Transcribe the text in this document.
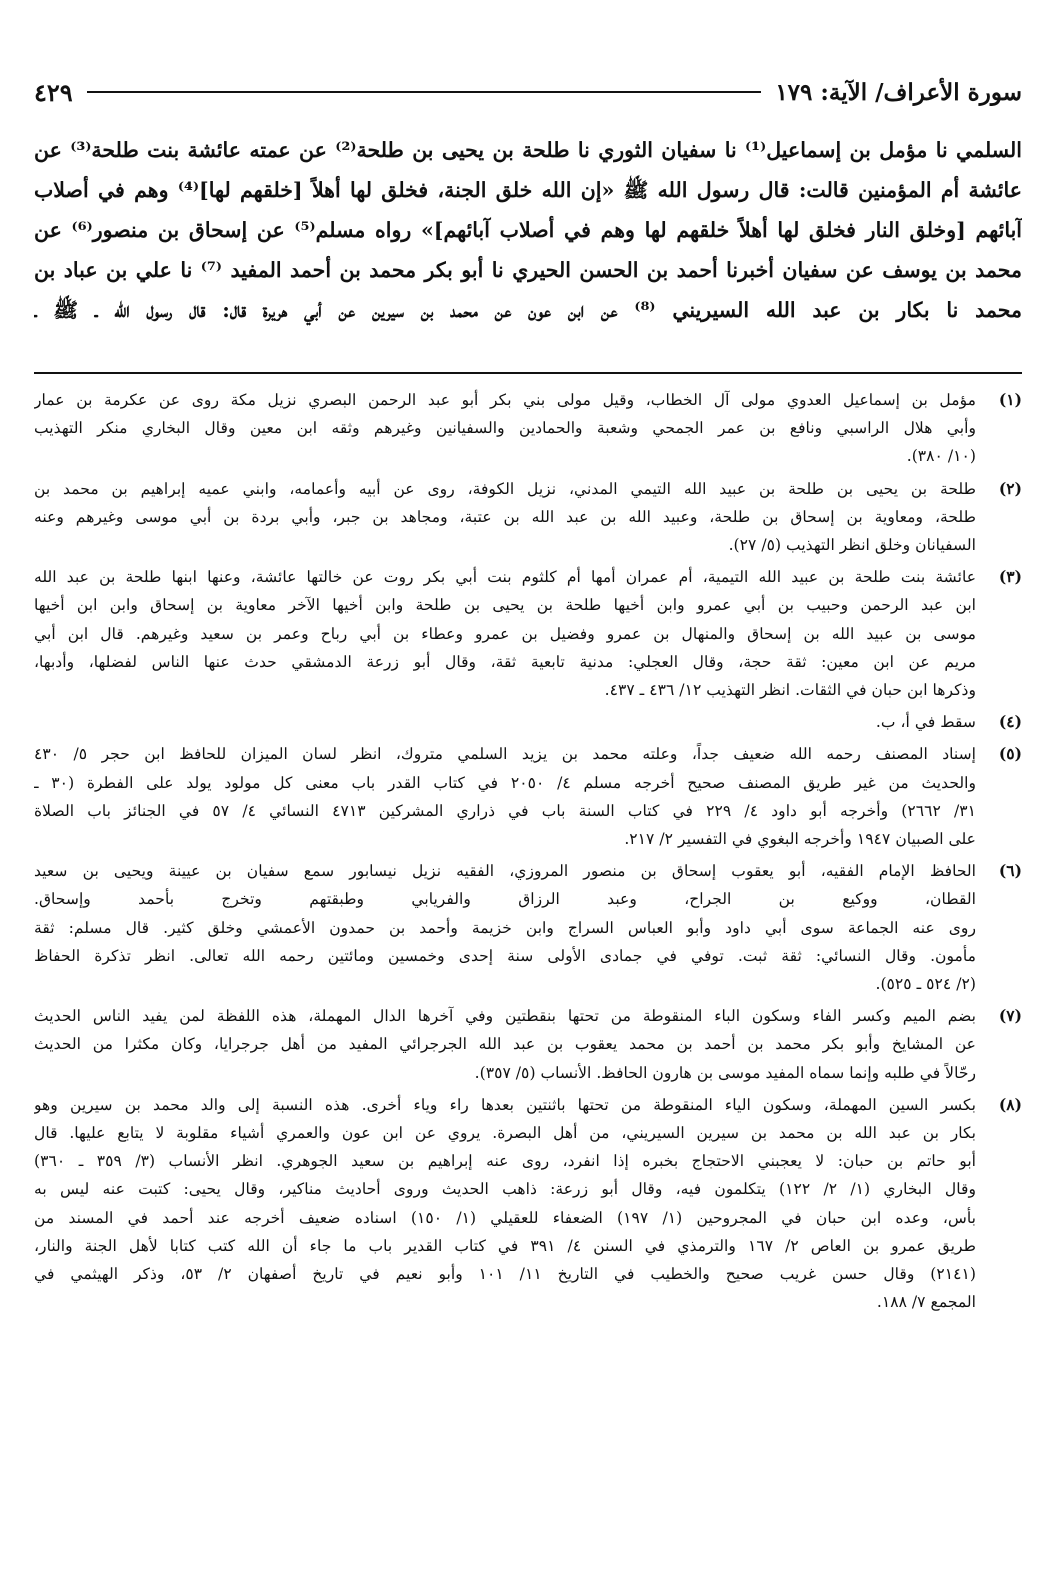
سورة الأعراف/ الآية: ١٧٩
٤٢٩
السلمي نا مؤمل بن إسماعيل⁽¹⁾ نا سفيان الثوري نا طلحة بن يحيى بن طلحة⁽²⁾ عن عمته عائشة بنت طلحة⁽³⁾ عن
عائشة أم المؤمنين قالت: قال رسول الله ﷺ «إن الله خلق الجنة، فخلق لها أهلاً [خلقهم لها]⁽⁴⁾ وهم في أصلاب
آبائهم [وخلق النار فخلق لها أهلاً خلقهم لها وهم في أصلاب آبائهم]» رواه مسلم⁽⁵⁾ عن إسحاق بن منصور⁽⁶⁾ عن
محمد بن يوسف عن سفيان أخبرنا أحمد بن الحسن الحيري نا أبو بكر محمد بن أحمد المفيد ⁽⁷⁾ نا علي بن عباد بن
محمد نا بكار بن عبد الله السيريني ⁽⁸⁾ عن ابن عون عن محمد بن سيرين عن أبي هريرة قال: قال رسول الله ـ ﷺ ـ
(١)
مؤمل بن إسماعيل العدوي مولى آل الخطاب، وقيل مولى بني بكر أبو عبد الرحمن البصري نزيل مكة روى عن عكرمة بن عمار
وأبي هلال الراسبي ونافع بن عمر الجمحي وشعبة والحمادين والسفيانين وغيرهم وثقه ابن معين وقال البخاري منكر التهذيب
(١٠/ ٣٨٠).
(٢)
طلحة بن يحيى بن طلحة بن عبيد الله التيمي المدني، نزيل الكوفة، روى عن أبيه وأعمامه، وابني عميه إبراهيم بن محمد بن
طلحة، ومعاوية بن إسحاق بن طلحة، وعبيد الله بن عبد الله بن عتبة، ومجاهد بن جبر، وأبي بردة بن أبي موسى وغيرهم وعنه
السفيانان وخلق انظر التهذيب (٥/ ٢٧).
(٣)
عائشة بنت طلحة بن عبيد الله التيمية، أم عمران أمها أم كلثوم بنت أبي بكر روت عن خالتها عائشة، وعنها ابنها طلحة بن عبد الله
ابن عبد الرحمن وحبيب بن أبي عمرو وابن أخيها طلحة بن يحيى بن طلحة وابن أخيها الآخر معاوية بن إسحاق وابن ابن أخيها
موسى بن عبيد الله بن إسحاق والمنهال بن عمرو وفضيل بن عمرو وعطاء بن أبي رباح وعمر بن سعيد وغيرهم. قال ابن أبي
مريم عن ابن معين: ثقة حجة، وقال العجلي: مدنية تابعية ثقة، وقال أبو زرعة الدمشقي حدث عنها الناس لفضلها، وأدبها،
وذكرها ابن حبان في الثقات. انظر التهذيب ١٢/ ٤٣٦ ـ ٤٣٧.
(٤)
سقط في أ، ب.
(٥)
إسناد المصنف رحمه الله ضعيف جداً، وعلته محمد بن يزيد السلمي متروك، انظر لسان الميزان للحافظ ابن حجر ٥/ ٤٣٠
والحديث من غير طريق المصنف صحيح أخرجه مسلم ٤/ ٢٠٥٠ في كتاب القدر باب معنى كل مولود يولد على الفطرة (٣٠ ـ
٣١/ ٢٦٦٢) وأخرجه أبو داود ٤/ ٢٢٩ في كتاب السنة باب في ذراري المشركين ٤٧١٣ النسائي ٤/ ٥٧ في الجنائز باب الصلاة
على الصبيان ١٩٤٧ وأخرجه البغوي في التفسير ٢/ ٢١٧.
(٦)
الحافظ الإمام الفقيه، أبو يعقوب إسحاق بن منصور المروزي، الفقيه نزيل نيسابور سمع سفيان بن عيينة ويحيى بن سعيد
القطان، ووكيع بن الجراح، وعبد الرزاق والفريابي وطبقتهم وتخرج بأحمد وإسحاق.
روى عنه الجماعة سوى أبي داود وأبو العباس السراج وابن خزيمة وأحمد بن حمدون الأعمشي وخلق كثير. قال مسلم: ثقة
مأمون. وقال النسائي: ثقة ثبت. توفي في جمادى الأولى سنة إحدى وخمسين ومائتين رحمه الله تعالى. انظر تذكرة الحفاظ
(٢/ ٥٢٤ ـ ٥٢٥).
(٧)
بضم الميم وكسر الفاء وسكون الباء المنقوطة من تحتها بنقطتين وفي آخرها الدال المهملة، هذه اللفظة لمن يفيد الناس الحديث
عن المشايخ وأبو بكر محمد بن أحمد بن محمد يعقوب بن عبد الله الجرجرائي المفيد من أهل جرجرايا، وكان مكثرا من الحديث
رحّالاً في طلبه وإنما سماه المفيد موسى بن هارون الحافظ. الأنساب (٥/ ٣٥٧).
(٨)
بكسر السين المهملة، وسكون الياء المنقوطة من تحتها باثنتين بعدها راء وياء أخرى. هذه النسبة إلى والد محمد بن سيرين وهو
بكار بن عبد الله بن محمد بن سيرين السيريني، من أهل البصرة. يروي عن ابن عون والعمري أشياء مقلوبة لا يتابع عليها. قال
أبو حاتم بن حبان: لا يعجبني الاحتجاج بخبره إذا انفرد، روى عنه إبراهيم بن سعيد الجوهري. انظر الأنساب (٣/ ٣٥٩ ـ ٣٦٠)
وقال البخاري (١/ ٢/ ١٢٢) يتكلمون فيه، وقال أبو زرعة: ذاهب الحديث وروى أحاديث مناكير، وقال يحيى: كتبت عنه ليس به
بأس، وعده ابن حبان في المجروحين (١/ ١٩٧) الضعفاء للعقيلي (١/ ١٥٠) اسناده ضعيف أخرجه عند أحمد في المسند من
طريق عمرو بن العاص ٢/ ١٦٧ والترمذي في السنن ٤/ ٣٩١ في كتاب القدير باب ما جاء أن الله كتب كتابا لأهل الجنة والنار،
(٢١٤١) وقال حسن غريب صحيح والخطيب في التاريخ ١١/ ١٠١ وأبو نعيم في تاريخ أصفهان ٢/ ٥٣، وذكر الهيثمي في
المجمع ٧/ ١٨٨.
